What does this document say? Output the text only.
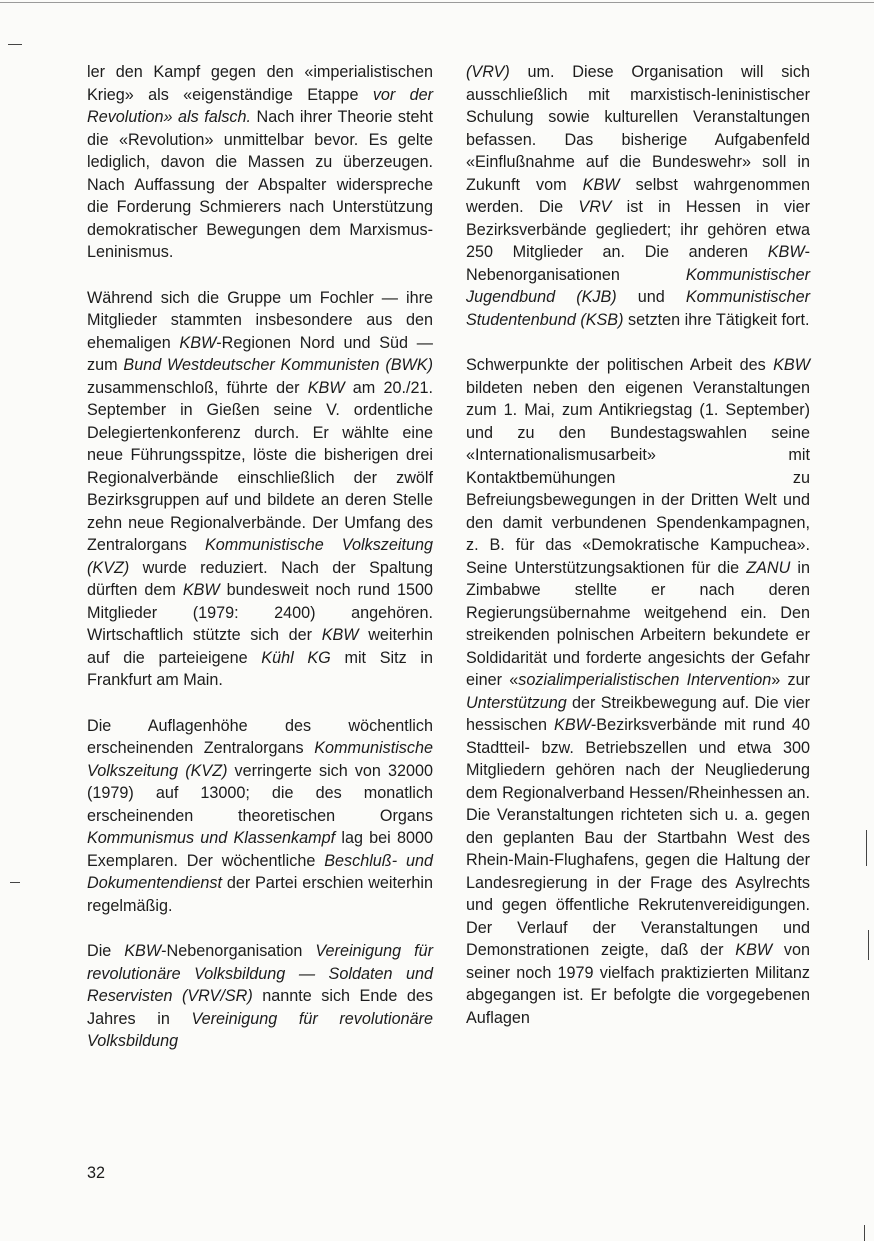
ler den Kampf gegen den «imperialistischen Krieg» als «eigenständige Etappe vor der Revolution» als falsch. Nach ihrer Theorie steht die «Revolution» unmittelbar bevor. Es gelte lediglich, davon die Massen zu überzeugen. Nach Auffassung der Abspalter widerspreche die Forderung Schmierers nach Unterstützung demokratischer Bewegungen dem Marxismus-Leninismus.

Während sich die Gruppe um Fochler — ihre Mitglieder stammten insbesondere aus den ehemaligen KBW-Regionen Nord und Süd — zum Bund Westdeutscher Kommunisten (BWK) zusammenschloß, führte der KBW am 20./21. September in Gießen seine V. ordentliche Delegiertenkonferenz durch. Er wählte eine neue Führungsspitze, löste die bisherigen drei Regionalverbände einschließlich der zwölf Bezirksgruppen auf und bildete an deren Stelle zehn neue Regionalverbände. Der Umfang des Zentralorgans Kommunistische Volkszeitung (KVZ) wurde reduziert. Nach der Spaltung dürften dem KBW bundesweit noch rund 1500 Mitglieder (1979: 2400) angehören. Wirtschaftlich stützte sich der KBW weiterhin auf die parteieigene Kühl KG mit Sitz in Frankfurt am Main.

Die Auflagenhöhe des wöchentlich erscheinenden Zentralorgans Kommunistische Volkszeitung (KVZ) verringerte sich von 32000 (1979) auf 13000; die des monatlich erscheinenden theoretischen Organs Kommunismus und Klassenkampf lag bei 8000 Exemplaren. Der wöchentliche Beschluß- und Dokumentendienst der Partei erschien weiterhin regelmäßig.

Die KBW-Nebenorganisation Vereinigung für revolutionäre Volksbildung — Soldaten und Reservisten (VRV/SR) nannte sich Ende des Jahres in Vereinigung für revolutionäre Volksbildung

(VRV) um. Diese Organisation will sich ausschließlich mit marxistisch-leninistischer Schulung sowie kulturellen Veranstaltungen befassen. Das bisherige Aufgabenfeld «Einflußnahme auf die Bundeswehr» soll in Zukunft vom KBW selbst wahrgenommen werden. Die VRV ist in Hessen in vier Bezirksverbände gegliedert; ihr gehören etwa 250 Mitglieder an. Die anderen KBW-Nebenorganisationen Kommunistischer Jugendbund (KJB) und Kommunistischer Studentenbund (KSB) setzten ihre Tätigkeit fort.

Schwerpunkte der politischen Arbeit des KBW bildeten neben den eigenen Veranstaltungen zum 1. Mai, zum Antikriegstag (1. September) und zu den Bundestagswahlen seine «Internationalismusarbeit» mit Kontaktbemühungen zu Befreiungsbewegungen in der Dritten Welt und den damit verbundenen Spendenkampagnen, z. B. für das «Demokratische Kampuchea». Seine Unterstützungsaktionen für die ZANU in Zimbabwe stellte er nach deren Regierungsübernahme weitgehend ein. Den streikenden polnischen Arbeitern bekundete er Soldidarität und forderte angesichts der Gefahr einer «sozialimperialistischen Intervention» zur Unterstützung der Streikbewegung auf. Die vier hessischen KBW-Bezirksverbände mit rund 40 Stadtteil- bzw. Betriebszellen und etwa 300 Mitgliedern gehören nach der Neugliederung dem Regionalverband Hessen/Rheinhessen an. Die Veranstaltungen richteten sich u. a. gegen den geplanten Bau der Startbahn West des Rhein-Main-Flughafens, gegen die Haltung der Landesregierung in der Frage des Asylrechts und gegen öffentliche Rekrutenvereidigungen. Der Verlauf der Veranstaltungen und Demonstrationen zeigte, daß der KBW von seiner noch 1979 vielfach praktizierten Militanz abgegangen ist. Er befolgte die vorgegebenen Auflagen

32
